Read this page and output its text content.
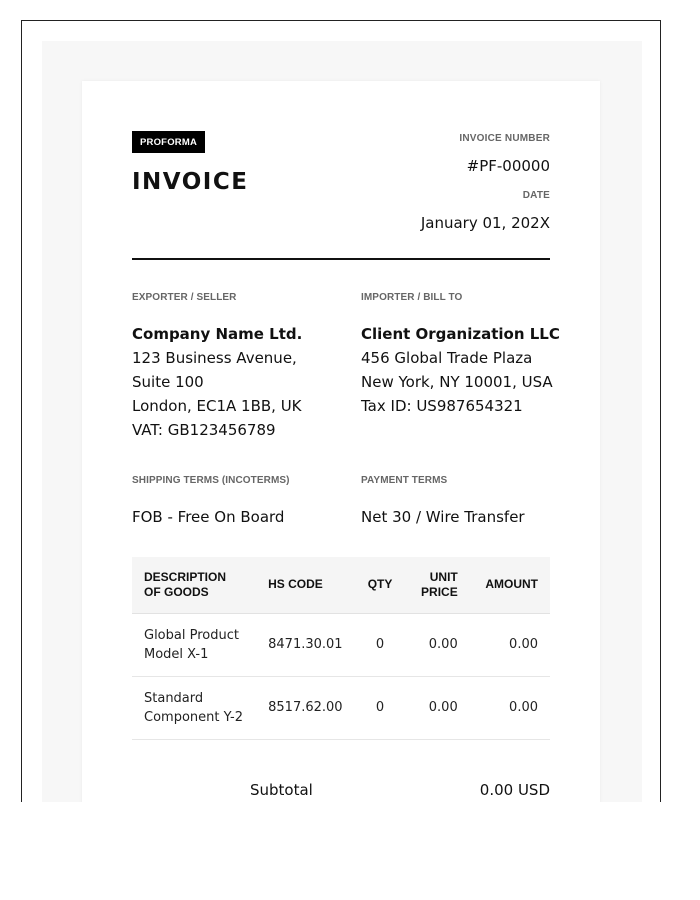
PROFORMA
INVOICE
INVOICE NUMBER
#PF-00000
DATE
January 01, 202X
EXPORTER / SELLER
Company Name Ltd.
123 Business Avenue,
Suite 100
London, EC1A 1BB, UK
VAT: GB123456789
IMPORTER / BILL TO
Client Organization LLC
456 Global Trade Plaza
New York, NY 10001, USA
Tax ID: US987654321
SHIPPING TERMS (INCOTERMS)
FOB - Free On Board
PAYMENT TERMS
Net 30 / Wire Transfer
DESCRIPTION OF GOODS	HS CODE	QTY	UNIT PRICE	AMOUNT
Global Product Model X-1	8471.30.01	0	0.00	0.00
Standard Component Y-2	8517.62.00	0	0.00	0.00
Subtotal	0.00 USD
